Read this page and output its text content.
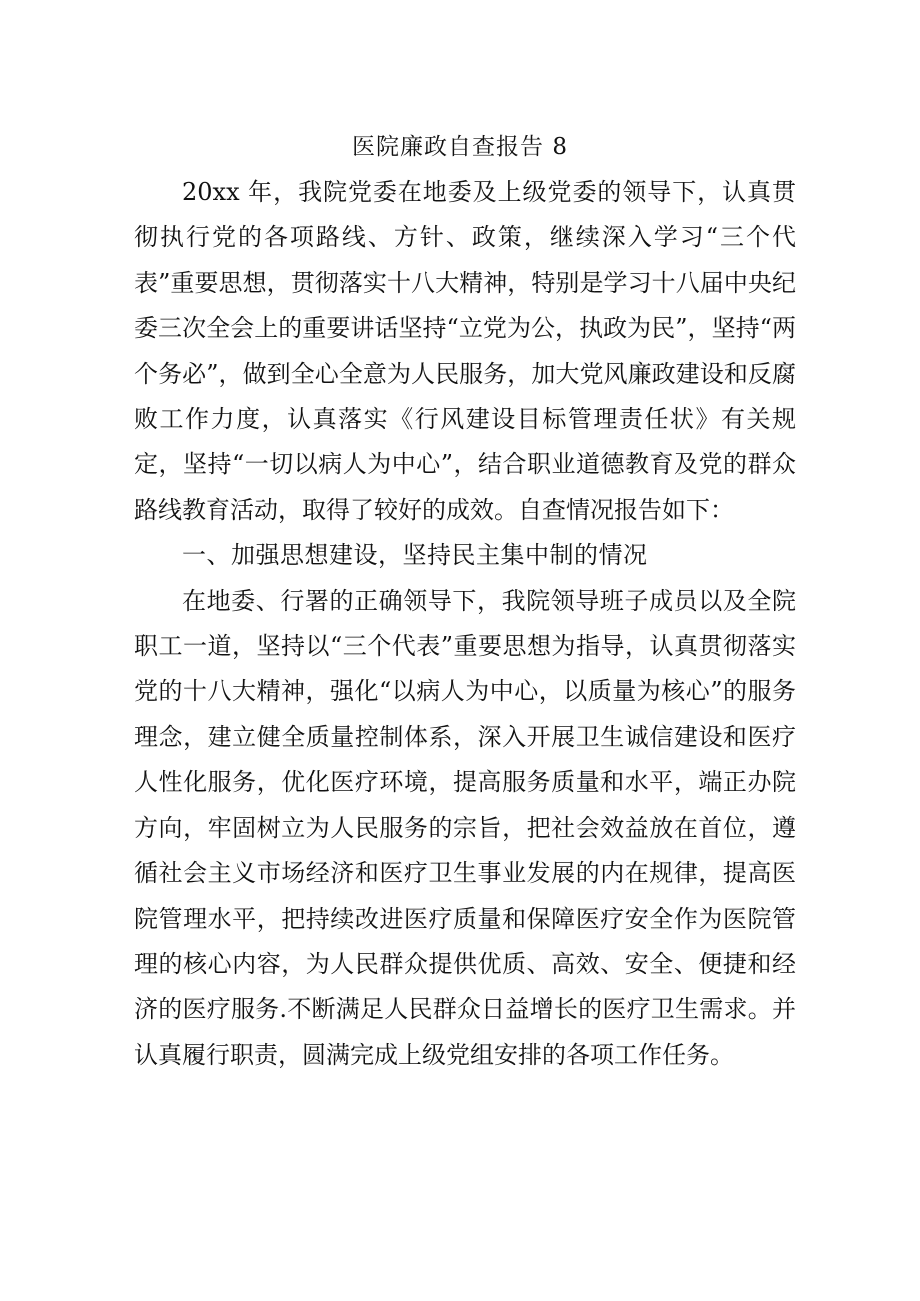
医院廉政自查报告 8

20xx 年，我院党委在地委及上级党委的领导下，认真贯彻执行党的各项路线、方针、政策，继续深入学习“三个代表”重要思想，贯彻落实十八大精神，特别是学习十八届中央纪委三次全会上的重要讲话坚持“立党为公，执政为民”，坚持“两个务必”，做到全心全意为人民服务，加大党风廉政建设和反腐败工作力度，认真落实《行风建设目标管理责任状》有关规定，坚持“一切以病人为中心”，结合职业道德教育及党的群众路线教育活动，取得了较好的成效。自查情况报告如下：

一、加强思想建设，坚持民主集中制的情况

在地委、行署的正确领导下，我院领导班子成员以及全院职工一道，坚持以“三个代表”重要思想为指导，认真贯彻落实党的十八大精神，强化“以病人为中心，以质量为核心”的服务理念，建立健全质量控制体系，深入开展卫生诚信建设和医疗人性化服务，优化医疗环境，提高服务质量和水平，端正办院方向，牢固树立为人民服务的宗旨，把社会效益放在首位，遵循社会主义市场经济和医疗卫生事业发展的内在规律，提高医院管理水平，把持续改进医疗质量和保障医疗安全作为医院管理的核心内容，为人民群众提供优质、高效、安全、便捷和经济的医疗服务.不断满足人民群众日益增长的医疗卫生需求。并认真履行职责，圆满完成上级党组安排的各项工作任务。
